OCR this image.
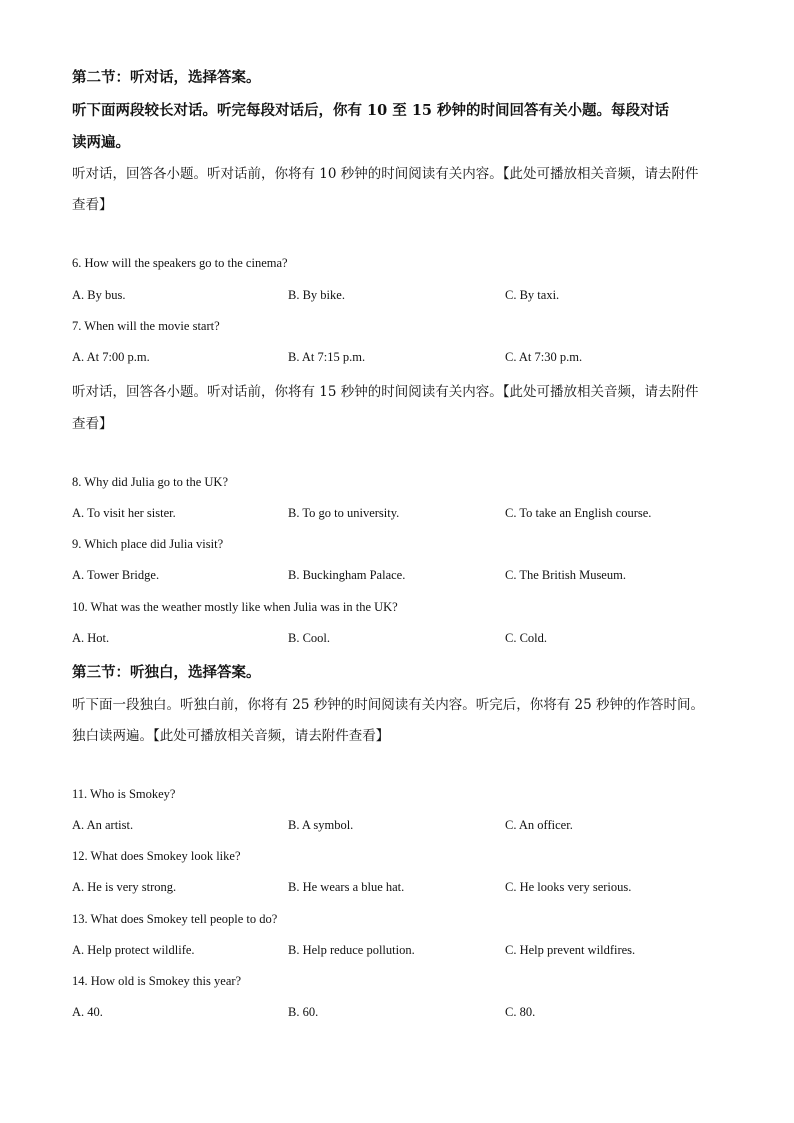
第二节：听对话，选择答案。
听下面两段较长对话。听完每段对话后，你有 10 至 15 秒钟的时间回答有关小题。每段对话
读两遍。
听对话，回答各小题。听对话前，你将有 10 秒钟的时间阅读有关内容。【此处可播放相关音频，请去附件
查看】
6. How will the speakers go to the cinema?
A. By bus.	B. By bike.	C. By taxi.
7. When will the movie start?
A. At 7:00 p.m.	B. At 7:15 p.m.	C. At 7:30 p.m.
听对话，回答各小题。听对话前，你将有 15 秒钟的时间阅读有关内容。【此处可播放相关音频，请去附件
查看】
8. Why did Julia go to the UK?
A. To visit her sister.	B. To go to university.	C. To take an English course.
9. Which place did Julia visit?
A. Tower Bridge.	B. Buckingham Palace.	C. The British Museum.
10. What was the weather mostly like when Julia was in the UK?
A. Hot.	B. Cool.	C. Cold.
第三节：听独白，选择答案。
听下面一段独白。听独白前，你将有 25 秒钟的时间阅读有关内容。听完后，你将有 25 秒钟的作答时间。
独白读两遍。【此处可播放相关音频，请去附件查看】
11. Who is Smokey?
A. An artist.	B. A symbol.	C. An officer.
12. What does Smokey look like?
A. He is very strong.	B. He wears a blue hat.	C. He looks very serious.
13. What does Smokey tell people to do?
A. Help protect wildlife.	B. Help reduce pollution.	C. Help prevent wildfires.
14. How old is Smokey this year?
A. 40.	B. 60.	C. 80.
